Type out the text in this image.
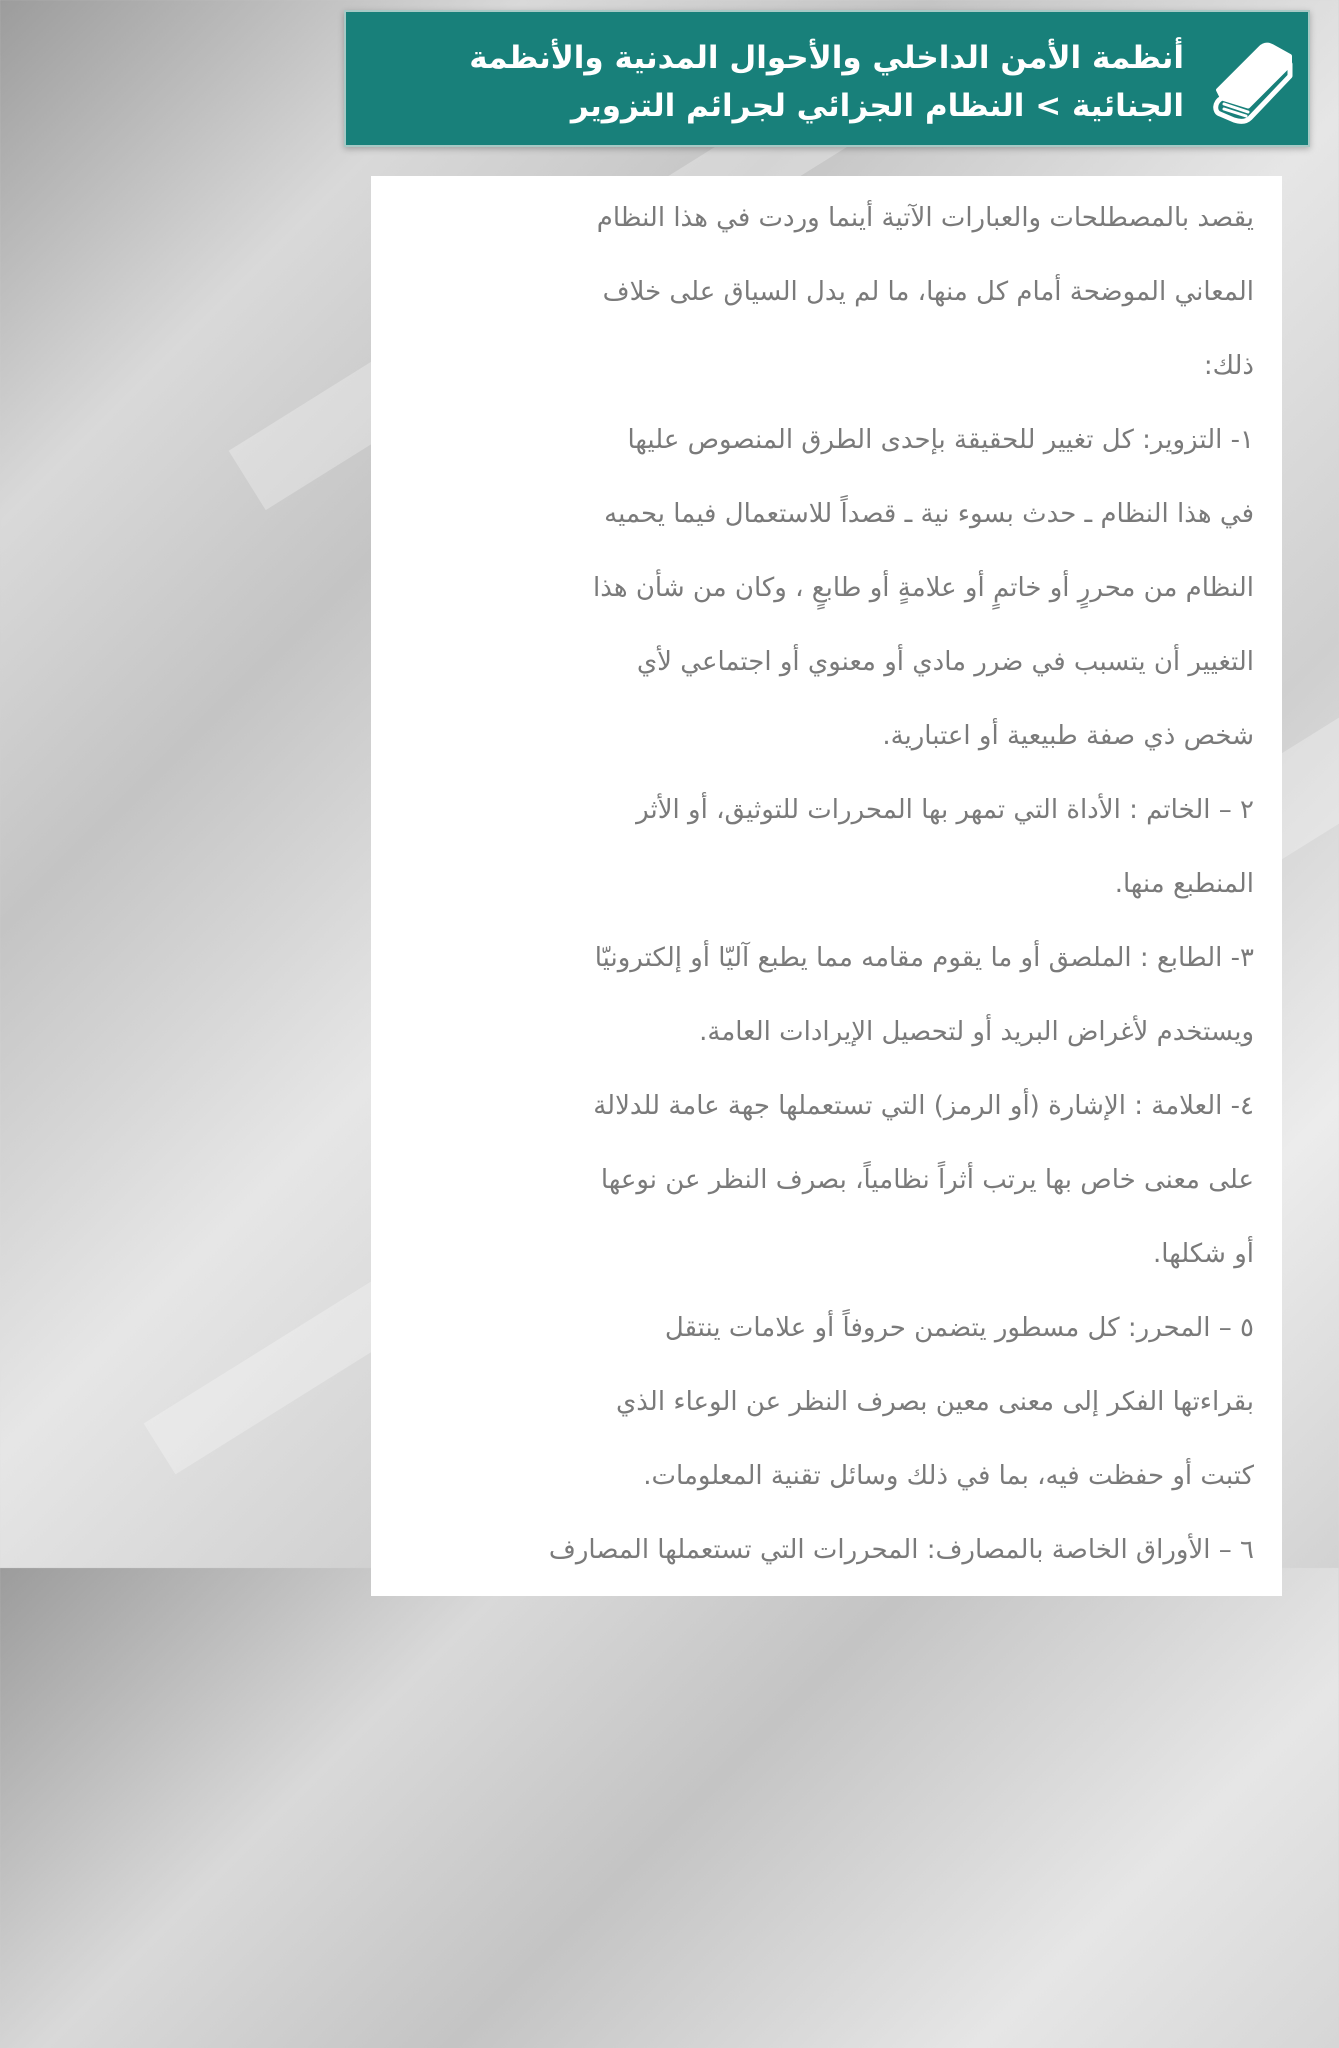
أنظمة الأمن الداخلي والأحوال المدنية والأنظمة
الجنائية > النظام الجزائي لجرائم التزوير

يقصد بالمصطلحات والعبارات الآتية أينما وردت في هذا النظام

المعاني الموضحة أمام كل منها، ما لم يدل السياق على خلاف

ذلك:

١- التزوير: كل تغيير للحقيقة بإحدى الطرق المنصوص عليها

في هذا النظام ـ حدث بسوء نية ـ قصداً للاستعمال فيما يحميه

النظام من محررٍ أو خاتمٍ أو علامةٍ أو طابعٍ ، وكان من شأن هذا

التغيير أن يتسبب في ضرر مادي أو معنوي أو اجتماعي لأي

شخص ذي صفة طبيعية أو اعتبارية.

٢ – الخاتم : الأداة التي تمهر بها المحررات للتوثيق، أو الأثر

المنطبع منها.

٣- الطابع : الملصق أو ما يقوم مقامه مما يطبع آليّا أو إلكترونيّا

ويستخدم لأغراض البريد أو لتحصيل الإيرادات العامة.

٤- العلامة : الإشارة (أو الرمز) التي تستعملها جهة عامة للدلالة

على معنى خاص بها يرتب أثراً نظامياً، بصرف النظر عن نوعها

أو شكلها.

٥ – المحرر: كل مسطور يتضمن حروفاً أو علامات ينتقل

بقراءتها الفكر إلى معنى معين بصرف النظر عن الوعاء الذي

كتبت أو حفظت فيه، بما في ذلك وسائل تقنية المعلومات.

٦ – الأوراق الخاصة بالمصارف: المحررات التي تستعملها المصارف
